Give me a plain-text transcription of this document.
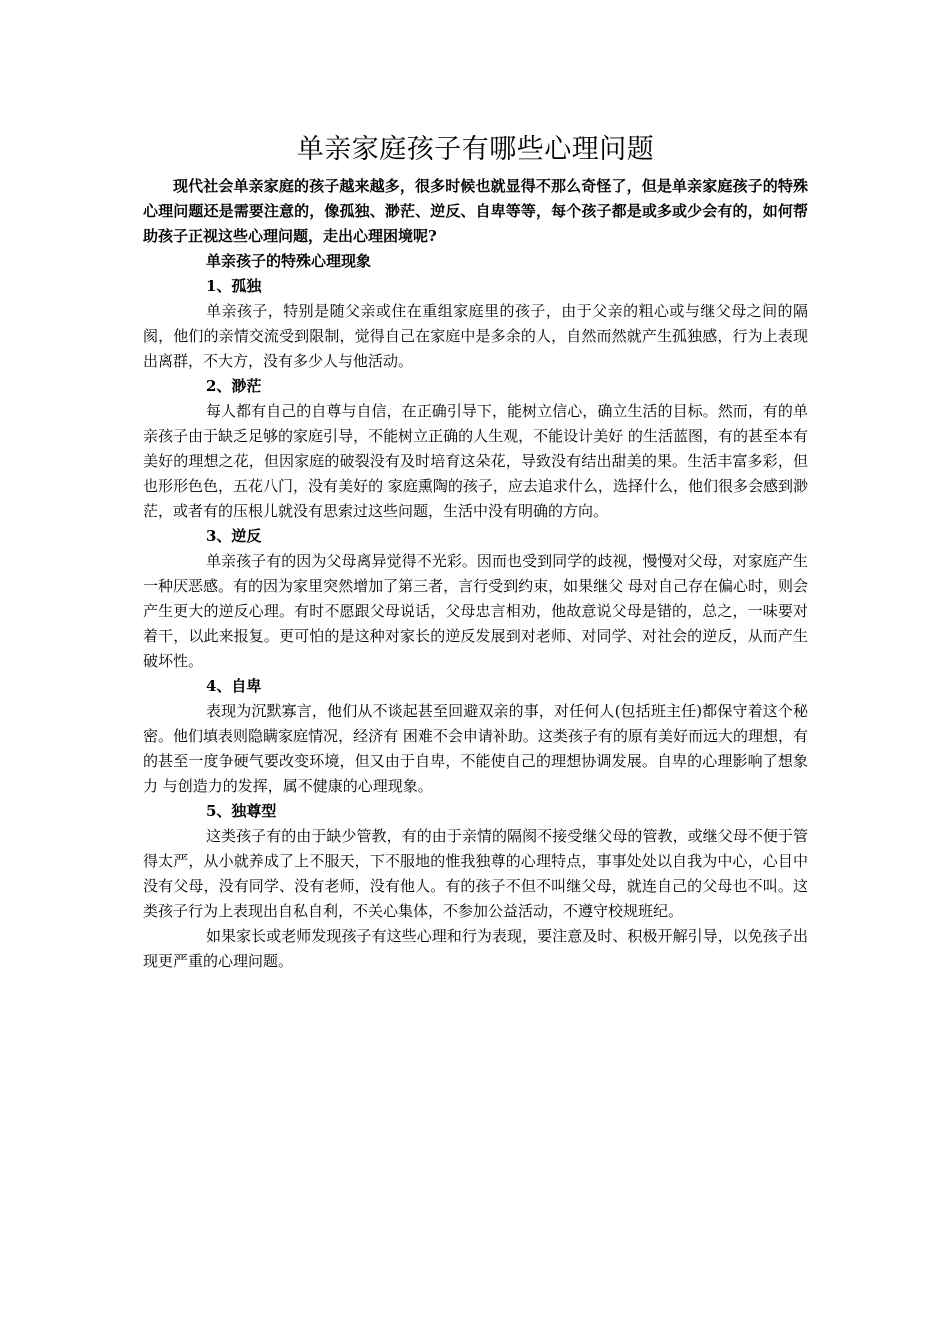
单亲家庭孩子有哪些心理问题

现代社会单亲家庭的孩子越来越多，很多时候也就显得不那么奇怪了，但是单亲家庭孩子的特殊心理问题还是需要注意的，像孤独、渺茫、逆反、自卑等等，每个孩子都是或多或少会有的，如何帮助孩子正视这些心理问题，走出心理困境呢?

单亲孩子的特殊心理现象

1、孤独

单亲孩子，特别是随父亲或住在重组家庭里的孩子，由于父亲的粗心或与继父母之间的隔阂，他们的亲情交流受到限制，觉得自己在家庭中是多余的人，自然而然就产生孤独感，行为上表现出离群，不大方，没有多少人与他活动。

2、渺茫

每人都有自己的自尊与自信，在正确引导下，能树立信心，确立生活的目标。然而，有的单亲孩子由于缺乏足够的家庭引导，不能树立正确的人生观，不能设计美好 的生活蓝图，有的甚至本有美好的理想之花，但因家庭的破裂没有及时培育这朵花，导致没有结出甜美的果。生活丰富多彩，但也形形色色，五花八门，没有美好的 家庭熏陶的孩子，应去追求什么，选择什么，他们很多会感到渺茫，或者有的压根儿就没有思索过这些问题，生活中没有明确的方向。

3、逆反

单亲孩子有的因为父母离异觉得不光彩。因而也受到同学的歧视，慢慢对父母，对家庭产生一种厌恶感。有的因为家里突然增加了第三者，言行受到约束，如果继父 母对自己存在偏心时，则会产生更大的逆反心理。有时不愿跟父母说话，父母忠言相劝，他故意说父母是错的，总之，一味要对着干，以此来报复。更可怕的是这种对家长的逆反发展到对老师、对同学、对社会的逆反，从而产生破坏性。

4、自卑

表现为沉默寡言，他们从不谈起甚至回避双亲的事，对任何人(包括班主任)都保守着这个秘密。他们填表则隐瞒家庭情况，经济有 困难不会申请补助。这类孩子有的原有美好而远大的理想，有的甚至一度争硬气要改变环境，但又由于自卑，不能使自己的理想协调发展。自卑的心理影响了想象力 与创造力的发挥，属不健康的心理现象。

5、独尊型

这类孩子有的由于缺少管教，有的由于亲情的隔阂不接受继父母的管教，或继父母不便于管得太严，从小就养成了上不服天，下不服地的惟我独尊的心理特点，事事处处以自我为中心，心目中没有父母，没有同学、没有老师，没有他人。有的孩子不但不叫继父母，就连自己的父母也不叫。这类孩子行为上表现出自私自利，不关心集体，不参加公益活动，不遵守校规班纪。

如果家长或老师发现孩子有这些心理和行为表现，要注意及时、积极开解引导，以免孩子出现更严重的心理问题。
